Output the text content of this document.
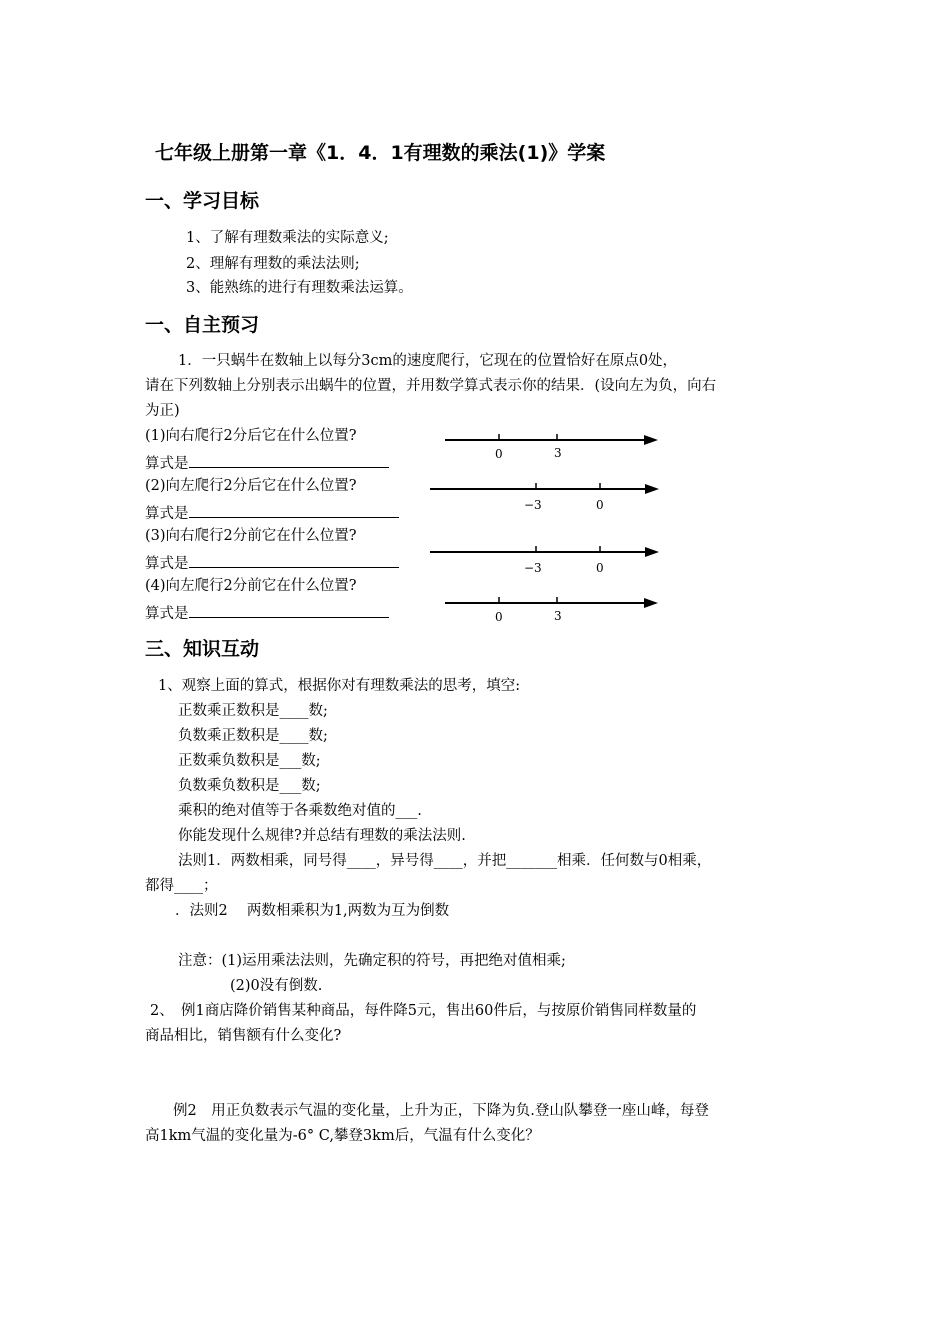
七年级上册第一章《1．4．1有理数的乘法(1)》学案
一、学习目标
1、了解有理数乘法的实际意义;
2、理解有理数的乘法法则;
3、能熟练的进行有理数乘法运算。
一、自主预习
1．一只蜗牛在数轴上以每分3cm的速度爬行，它现在的位置恰好在原点0处，
请在下列数轴上分别表示出蜗牛的位置，并用数学算式表示你的结果．(设向左为负，向右
为正)
(1)向右爬行2分后它在什么位置?
算式是
(2)向左爬行2分后它在什么位置?
算式是
(3)向右爬行2分前它在什么位置?
算式是
(4)向左爬行2分前它在什么位置?
算式是
0	3
−3	0
−3	0
0	3
三、知识互动
1、观察上面的算式，根据你对有理数乘法的思考，填空:
正数乘正数积是____数;
负数乘正数积是____数;
正数乘负数积是___数;
负数乘负数积是___数;
乘积的绝对值等于各乘数绝对值的___.
你能发现什么规律?并总结有理数的乘法法则.
法则1．两数相乘，同号得____，异号得____，并把_______相乘．任何数与0相乘，
都得____；
．法则2　 两数相乘积为1,两数为互为倒数
注意：(1)运用乘法法则，先确定积的符号，再把绝对值相乘;
(2)0没有倒数.
2、　例1商店降价销售某种商品，每件降5元，售出60件后，与按原价销售同样数量的
商品相比，销售额有什么变化?
例2　用正负数表示气温的变化量，上升为正，下降为负.登山队攀登一座山峰，每登
高1km气温的变化量为-6° C,攀登3km后，气温有什么变化？
